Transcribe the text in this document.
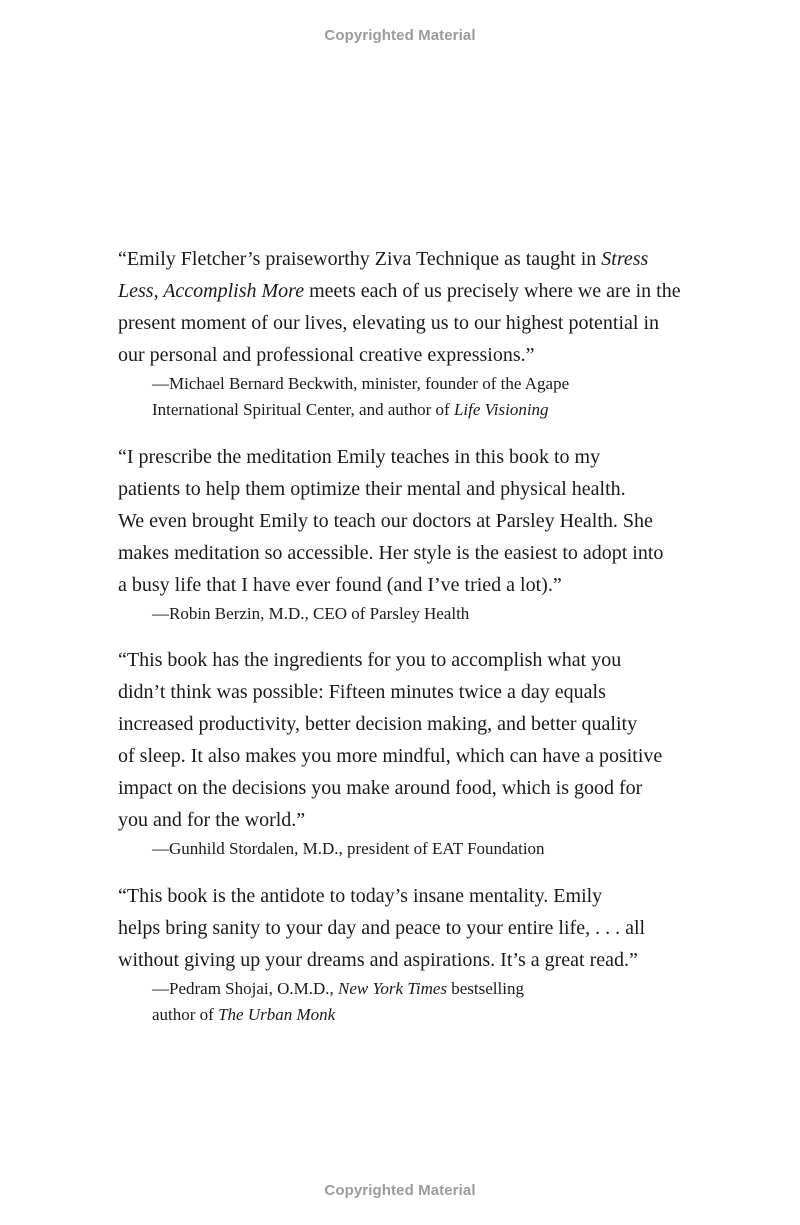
Copyrighted Material

“Emily Fletcher’s praiseworthy Ziva Technique as taught in Stress
Less, Accomplish More meets each of us precisely where we are in the
present moment of our lives, elevating us to our highest potential in
our personal and professional creative expressions.”

—Michael Bernard Beckwith, minister, founder of the Agape
International Spiritual Center, and author of Life Visioning

“I prescribe the meditation Emily teaches in this book to my
patients to help them optimize their mental and physical health.
We even brought Emily to teach our doctors at Parsley Health. She
makes meditation so accessible. Her style is the easiest to adopt into
a busy life that I have ever found (and I’ve tried a lot).”

—Robin Berzin, M.D., CEO of Parsley Health

“This book has the ingredients for you to accomplish what you
didn’t think was possible: Fifteen minutes twice a day equals
increased productivity, better decision making, and better quality
of sleep. It also makes you more mindful, which can have a positive
impact on the decisions you make around food, which is good for
you and for the world.”

—Gunhild Stordalen, M.D., president of EAT Foundation

“This book is the antidote to today’s insane mentality. Emily
helps bring sanity to your day and peace to your entire life, . . . all
without giving up your dreams and aspirations. It’s a great read.”

—Pedram Shojai, O.M.D., New York Times bestselling
author of The Urban Monk

Copyrighted Material
